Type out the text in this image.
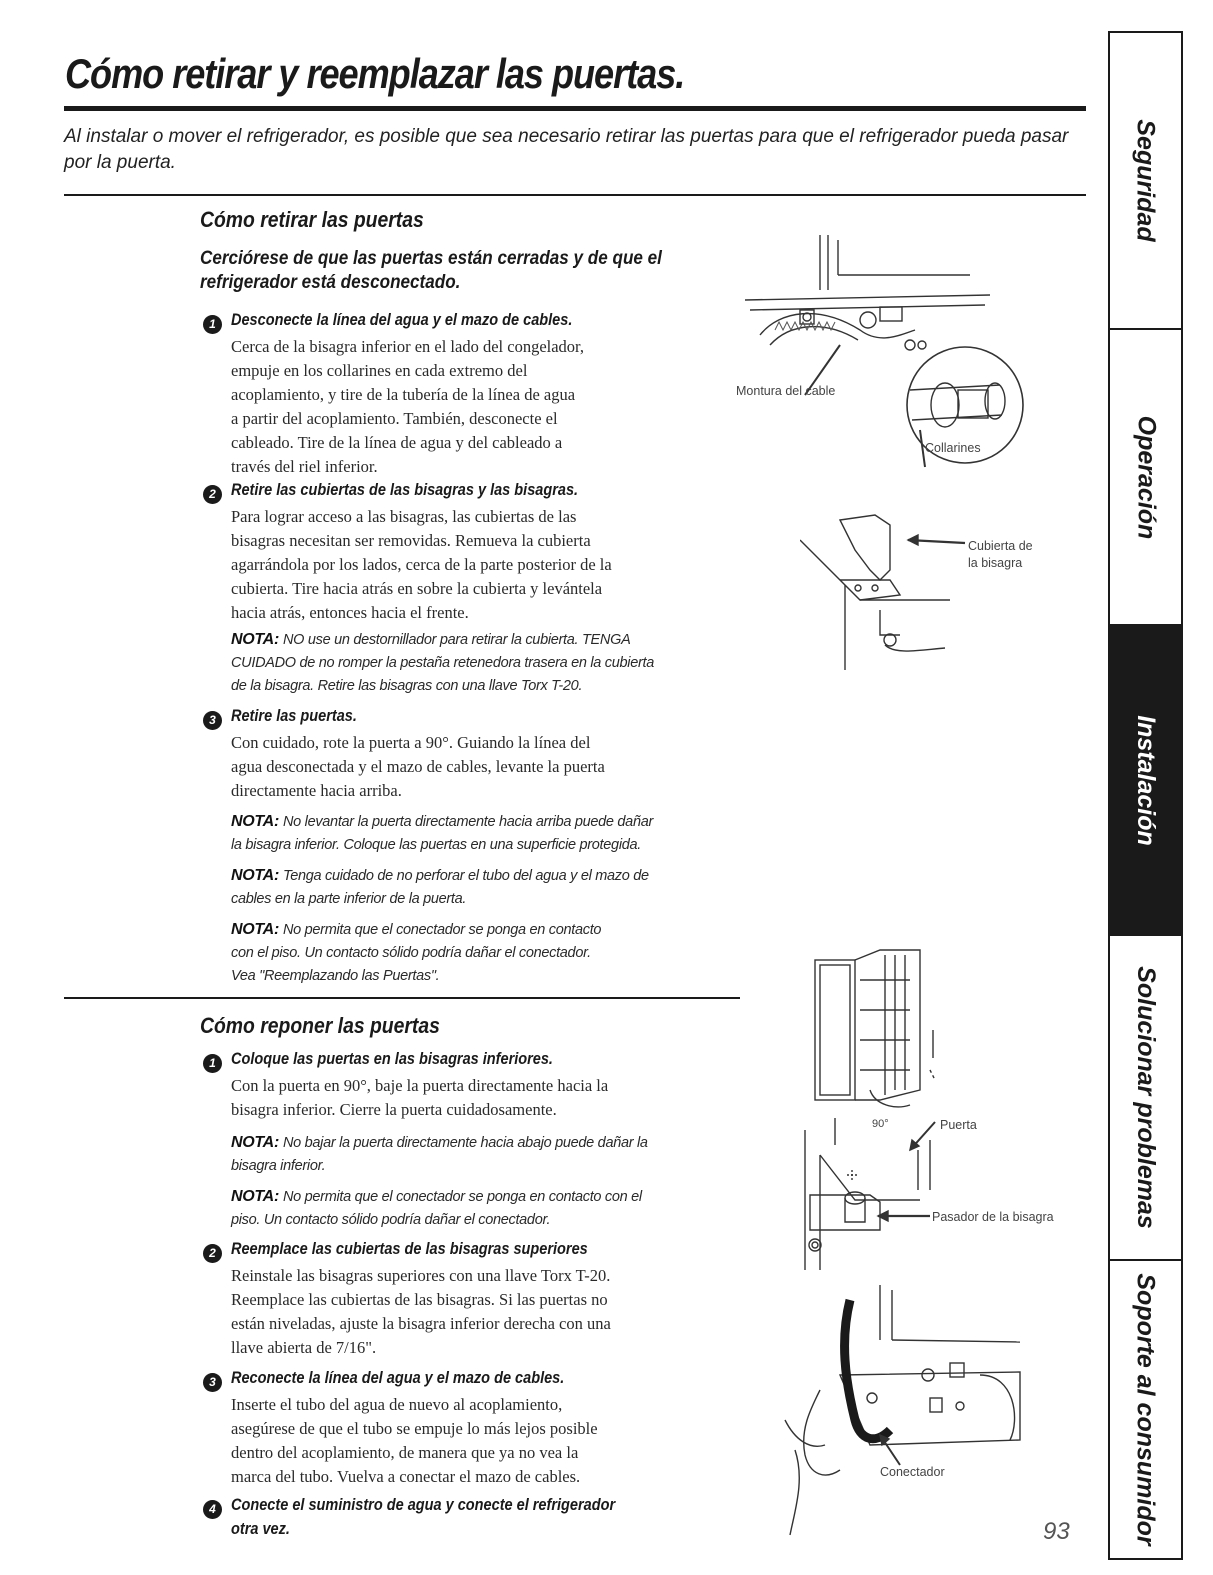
Cómo retirar y reemplazar las puertas.
Al instalar o mover el refrigerador, es posible que sea necesario retirar las puertas para que el refrigerador pueda pasar por la puerta.
Cómo retirar las puertas
Cerciórese de que las puertas están cerradas y de que el refrigerador está desconectado.
1 Desconecte la línea del agua y el mazo de cables.
Cerca de la bisagra inferior en el lado del congelador,
empuje en los collarines en cada extremo del
acoplamiento, y tire de la tubería de la línea de agua
a partir del acoplamiento. También, desconecte el
cableado. Tire de la línea de agua y del cableado a
través del riel inferior.
2 Retire las cubiertas de las bisagras y las bisagras.
Para lograr acceso a las bisagras, las cubiertas de las
bisagras necesitan ser removidas. Remueva la cubierta
agarrándola por los lados, cerca de la parte posterior de la
cubierta. Tire hacia atrás en sobre la cubierta y levántela
hacia atrás, entonces hacia el frente.
NOTA: NO use un destornillador para retirar la cubierta. TENGA
CUIDADO de no romper la pestaña retenedora trasera en la cubierta
de la bisagra. Retire las bisagras con una llave Torx T-20.
3 Retire las puertas.
Con cuidado, rote la puerta a 90°. Guiando la línea del
agua desconectada y el mazo de cables, levante la puerta
directamente hacia arriba.
NOTA: No levantar la puerta directamente hacia arriba puede dañar
la bisagra inferior. Coloque las puertas en una superficie protegida.
NOTA: Tenga cuidado de no perforar el tubo del agua y el mazo de
cables en la parte inferior de la puerta.
NOTA: No permita que el conectador se ponga en contacto
con el piso. Un contacto sólido podría dañar el conectador.
Vea "Reemplazando las Puertas".
Cómo reponer las puertas
1 Coloque las puertas en las bisagras inferiores.
Con la puerta en 90°, baje la puerta directamente hacia la
bisagra inferior. Cierre la puerta cuidadosamente.
NOTA: No bajar la puerta directamente hacia abajo puede dañar la
bisagra inferior.
NOTA: No permita que el conectador se ponga en contacto con el
piso. Un contacto sólido podría dañar el conectador.
2 Reemplace las cubiertas de las bisagras superiores
Reinstale las bisagras superiores con una llave Torx T-20.
Reemplace las cubiertas de las bisagras. Si las puertas no
están niveladas, ajuste la bisagra inferior derecha con una
llave abierta de 7/16".
3 Reconecte la línea del agua y el mazo de cables.
Inserte el tubo del agua de nuevo al acoplamiento,
asegúrese de que el tubo se empuje lo más lejos posible
dentro del acoplamiento, de manera que ya no vea la
marca del tubo. Vuelva a conectar el mazo de cables.
4 Conecte el suministro de agua y conecte el refrigerador
otra vez.
Montura del cable
Collarines
Cubierta de
la bisagra
90°	Puerta
Pasador de la bisagra
Conectador
93
Seguridad
Operación
Instalación
Solucionar problemas
Soporte al consumidor
